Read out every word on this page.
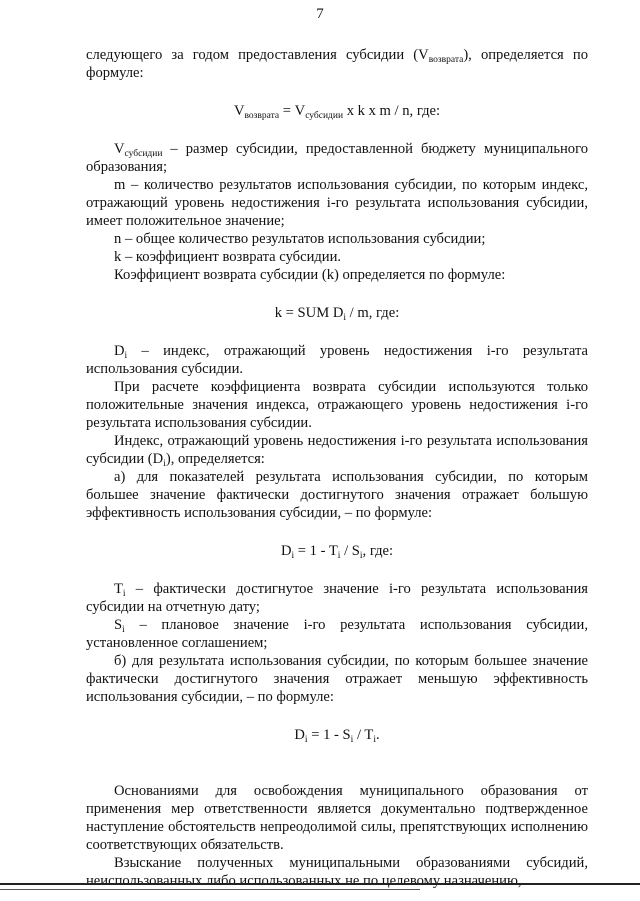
7

следующего за годом предоставления субсидии $(V_{возврата})$, определяется по формуле:

$V_{возврата} = V_{субсидии}$ x k x m / n, где:

$V_{субсидии}$ – размер субсидии, предоставленной бюджету муниципального образования;

m – количество результатов использования субсидии, по которым индекс, отражающий уровень недостижения i-го результата использования субсидии, имеет положительное значение;

n – общее количество результатов использования субсидии;

k – коэффициент возврата субсидии.

Коэффициент возврата субсидии (k) определяется по формуле:

k = SUM $D_i$ / m, где:

$D_i$ – индекс, отражающий уровень недостижения i-го результата использования субсидии.

При расчете коэффициента возврата субсидии используются только положительные значения индекса, отражающего уровень недостижения i-го результата использования субсидии.

Индекс, отражающий уровень недостижения i-го результата использования субсидии $(D_i)$, определяется:

а) для показателей результата использования субсидии, по которым большее значение фактически достигнутого значения отражает большую эффективность использования субсидии, – по формуле:

$D_i = 1 - T_i / S_i$, где:

$T_i$ – фактически достигнутое значение i-го результата использования субсидии на отчетную дату;

$S_i$ – плановое значение i-го результата использования субсидии, установленное соглашением;

б) для результата использования субсидии, по которым большее значение фактически достигнутого значения отражает меньшую эффективность использования субсидии, – по формуле:

$D_i = 1 - S_i / T_i$.

Основаниями для освобождения муниципального образования от применения мер ответственности является документально подтвержденное наступление обстоятельств непреодолимой силы, препятствующих исполнению соответствующих обязательств.

Взыскание полученных муниципальными образованиями субсидий, неиспользованных либо использованных не по целевому назначению,
